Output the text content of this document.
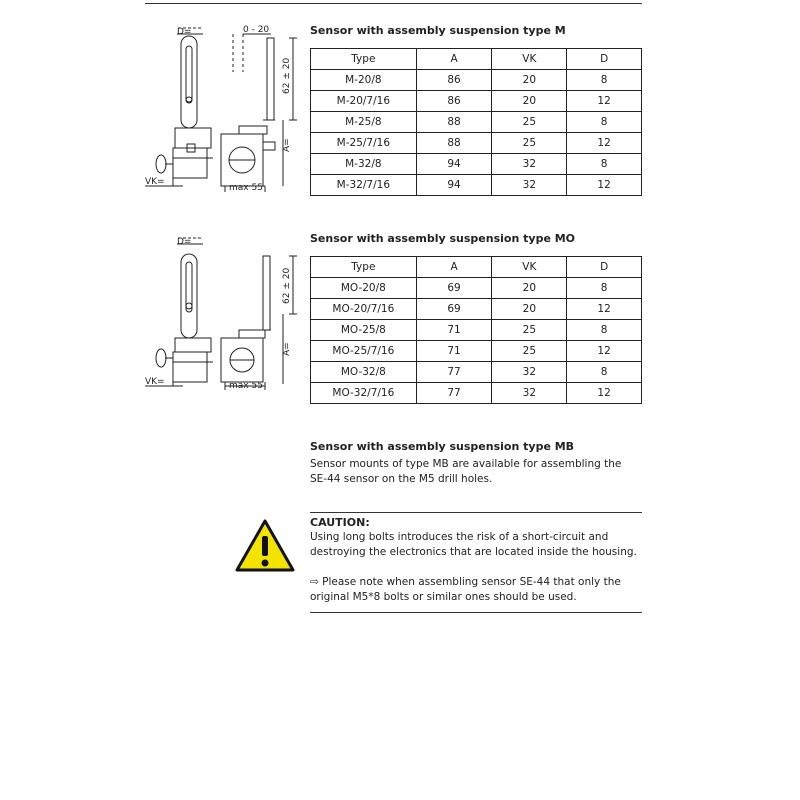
D=	0 - 20
VK=
max 55
62 ± 20
A=

Sensor with assembly suspension type M

Type	A	VK	D
M-20/8	86	20	8
M-20/7/16	86	20	12
M-25/8	88	25	8
M-25/7/16	88	25	12
M-32/8	94	32	8
M-32/7/16	94	32	12
D=
VK=	max 55
62 ± 20
A=

Sensor with assembly suspension type MO

Type	A	VK	D
MO-20/8	69	20	8
MO-20/7/16	69	20	12
MO-25/8	71	25	8
MO-25/7/16	71	25	12
MO-32/8	77	32	8
MO-32/7/16	77	32	12

Sensor with assembly suspension type MB

Sensor mounts of type MB are available for assembling the

SE-44 sensor on the M5 drill holes.

CAUTION:

Using long bolts introduces the risk of a short-circuit and

destroying the electronics that are located inside the housing.

⇨ Please note when assembling sensor SE-44 that only the

original M5*8 bolts or similar ones should be used.
